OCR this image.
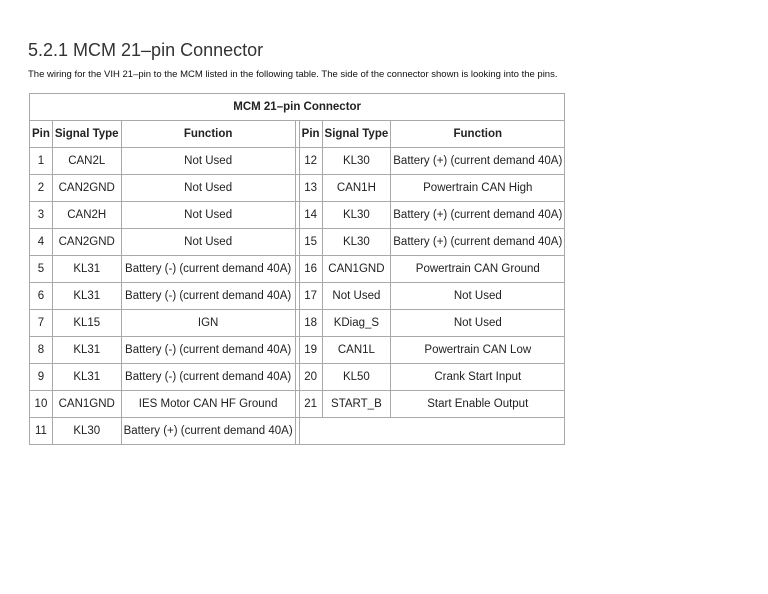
5.2.1 MCM 21–pin Connector

The wiring for the VIH 21–pin to the MCM listed in the following table. The side of the connector shown is looking into the pins.

MCM 21–pin Connector						
Pin	Signal Type	Function		Pin	Signal Type	Function
1	CAN2L	Not Used		12	KL30	Battery (+) (current demand 40A)
2	CAN2GND	Not Used		13	CAN1H	Powertrain CAN High
3	CAN2H	Not Used		14	KL30	Battery (+) (current demand 40A)
4	CAN2GND	Not Used		15	KL30	Battery (+) (current demand 40A)
5	KL31	Battery (-) (current demand 40A)		16	CAN1GND	Powertrain CAN Ground
6	KL31	Battery (-) (current demand 40A)		17	Not Used	Not Used
7	KL15	IGN		18	KDiag_S	Not Used
8	KL31	Battery (-) (current demand 40A)		19	CAN1L	Powertrain CAN Low
9	KL31	Battery (-) (current demand 40A)		20	KL50	Crank Start Input
10	CAN1GND	IES Motor CAN HF Ground		21	START_B	Start Enable Output
11	KL30	Battery (+) (current demand 40A)				
